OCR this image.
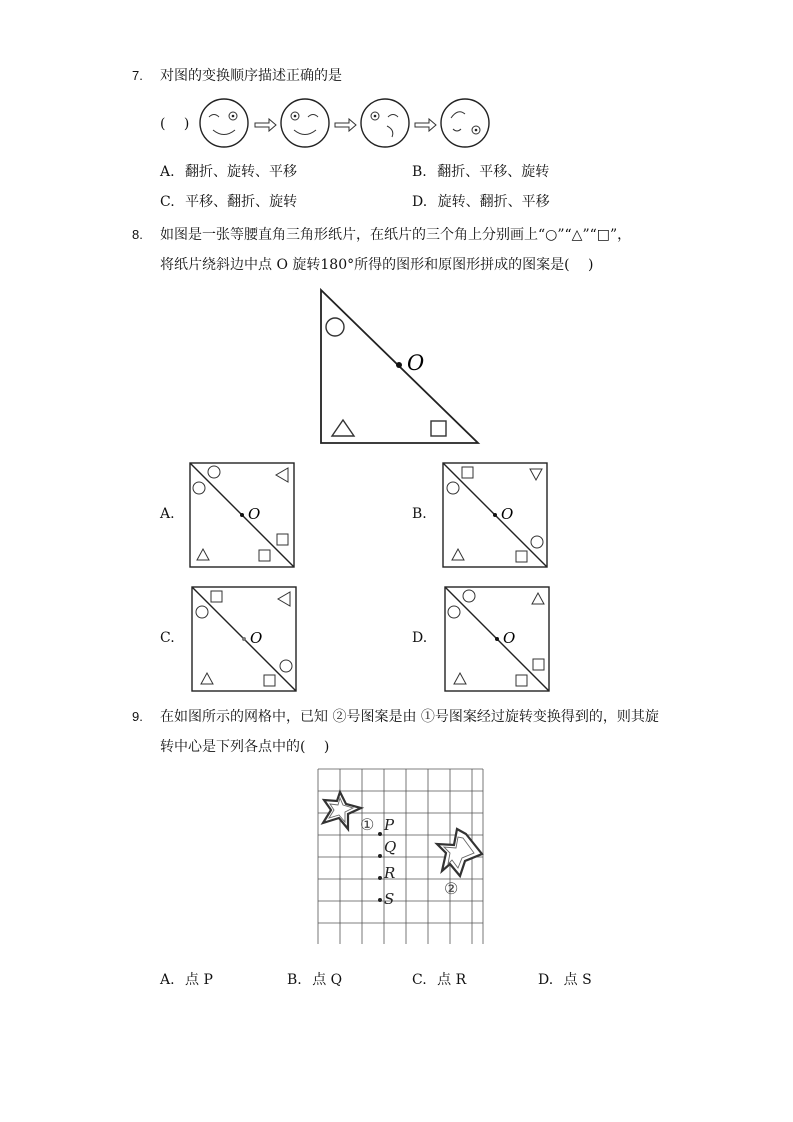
7. 对图的变换顺序描述正确的是
(　 )
A. 翻折、旋转、平移	B. 翻折、平移、旋转
C. 平移、翻折、旋转	D. 旋转、翻折、平移
8. 如图是一张等腰直角三角形纸片，在纸片的三个角上分别画上“○”“△”“□”，
将纸片绕斜边中点 O 旋转180°所得的图形和原图形拼成的图案是(　 )
O
A.	O	B.	O
C.	O	D.	O
9. 在如图所示的网格中，已知 ②号图案是由 ①号图案经过旋转变换得到的，则其旋
转中心是下列各点中的(　 )
①
②
P
Q
R
S
A. 点 P	B. 点 Q	C. 点 R	D. 点 S
